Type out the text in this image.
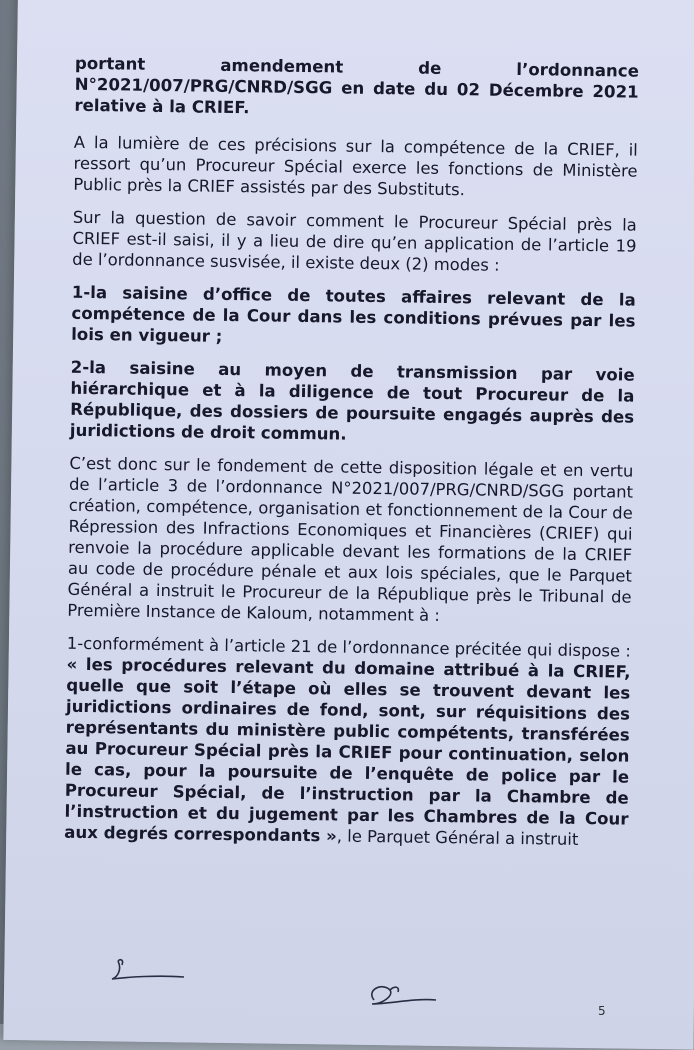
portant amendement de l’ordonnance N°2021/007/PRG/CNRD/SGG en date du 02 Décembre 2021 relative à la CRIEF.

A la lumière de ces précisions sur la compétence de la CRIEF, il ressort qu’un Procureur Spécial exerce les fonctions de Ministère Public près la CRIEF assistés par des Substituts.

Sur la question de savoir comment le Procureur Spécial près la CRIEF est-il saisi, il y a lieu de dire qu’en application de l’article 19 de l’ordonnance susvisée, il existe deux (2) modes :

1-la saisine d’office de toutes affaires relevant de la compétence de la Cour dans les conditions prévues par les lois en vigueur ;

2-la saisine au moyen de transmission par voie hiérarchique et à la diligence de tout Procureur de la République, des dossiers de poursuite engagés auprès des juridictions de droit commun.

C’est donc sur le fondement de cette disposition légale et en vertu de l’article 3 de l’ordonnance N°2021/007/PRG/CNRD/SGG portant création, compétence, organisation et fonctionnement de la Cour de Répression des Infractions Economiques et Financières (CRIEF) qui renvoie la procédure applicable devant les formations de la CRIEF au code de procédure pénale et aux lois spéciales, que le Parquet Général a instruit le Procureur de la République près le Tribunal de Première Instance de Kaloum, notamment à :

1-conformément à l’article 21 de l’ordonnance précitée qui dispose : « les procédures relevant du domaine attribué à la CRIEF, quelle que soit l’étape où elles se trouvent devant les juridictions ordinaires de fond, sont, sur réquisitions des représentants du ministère public compétents, transférées au Procureur Spécial près la CRIEF pour continuation, selon le cas, pour la poursuite de l’enquête de police par le Procureur Spécial, de l’instruction par la Chambre de l’instruction et du jugement par les Chambres de la Cour aux degrés correspondants », le Parquet Général a instruit

5
